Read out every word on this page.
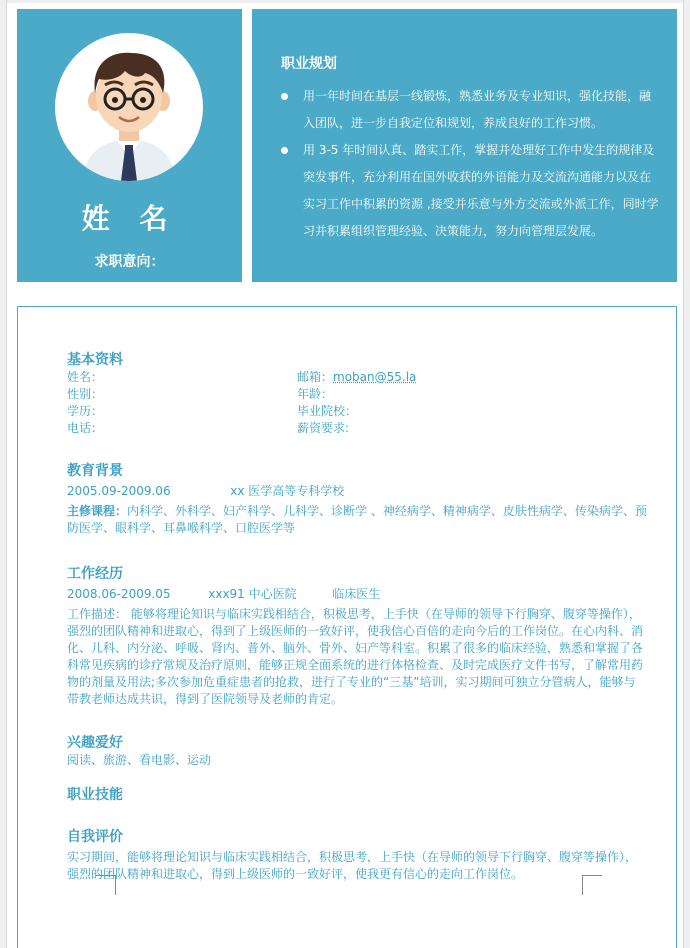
姓 名
求职意向：
职业规划
用一年时间在基层一线锻炼，熟悉业务及专业知识，强化技能，融入团队，进一步自我定位和规划，养成良好的工作习惯。
用 3-5 年时间认真、踏实工作，掌握并处理好工作中发生的规律及突发事件，充分利用在国外收获的外语能力及交流沟通能力以及在实习工作中积累的资源 ,接受并乐意与外方交流或外派工作，同时学习并积累组织管理经验、决策能力，努力向管理层发展。
基本资料
姓名：	邮箱：moban@55.la
性别：	年龄：
学历：	毕业院校：
电话：	薪资要求:
教育背景
2005.09-2009.06	xx 医学高等专科学校
主修课程：内科学、外科学、妇产科学、儿科学、诊断学 、神经病学、精神病学、皮肤性病学、传染病学、预防医学、眼科学、耳鼻喉科学、口腔医学等
工作经历
2008.06-2009.05	xxx91 中心医院	临床医生
工作描述： 能够将理论知识与临床实践相结合，积极思考，上手快（在导师的领导下行胸穿、腹穿等操作），强烈的团队精神和进取心，得到了上级医师的一致好评，使我信心百倍的走向今后的工作岗位。在心内科、消化、儿科、内分泌、呼吸、肾内、普外、脑外、骨外、妇产等科室。积累了很多的临床经验，熟悉和掌握了各科常见疾病的诊疗常规及治疗原则，能够正规全面系统的进行体格检查、及时完成医疗文件书写，了解常用药物的剂量及用法;多次参加危重症患者的抢救，进行了专业的“三基”培训，实习期间可独立分管病人，能够与带教老师达成共识，得到了医院领导及老师的肯定。
兴趣爱好
阅读、旅游、看电影、运动
职业技能
自我评价
实习期间，能够将理论知识与临床实践相结合，积极思考，上手快（在导师的领导下行胸穿、腹穿等操作），强烈的团队精神和进取心，得到上级医师的一致好评，使我更有信心的走向工作岗位。
